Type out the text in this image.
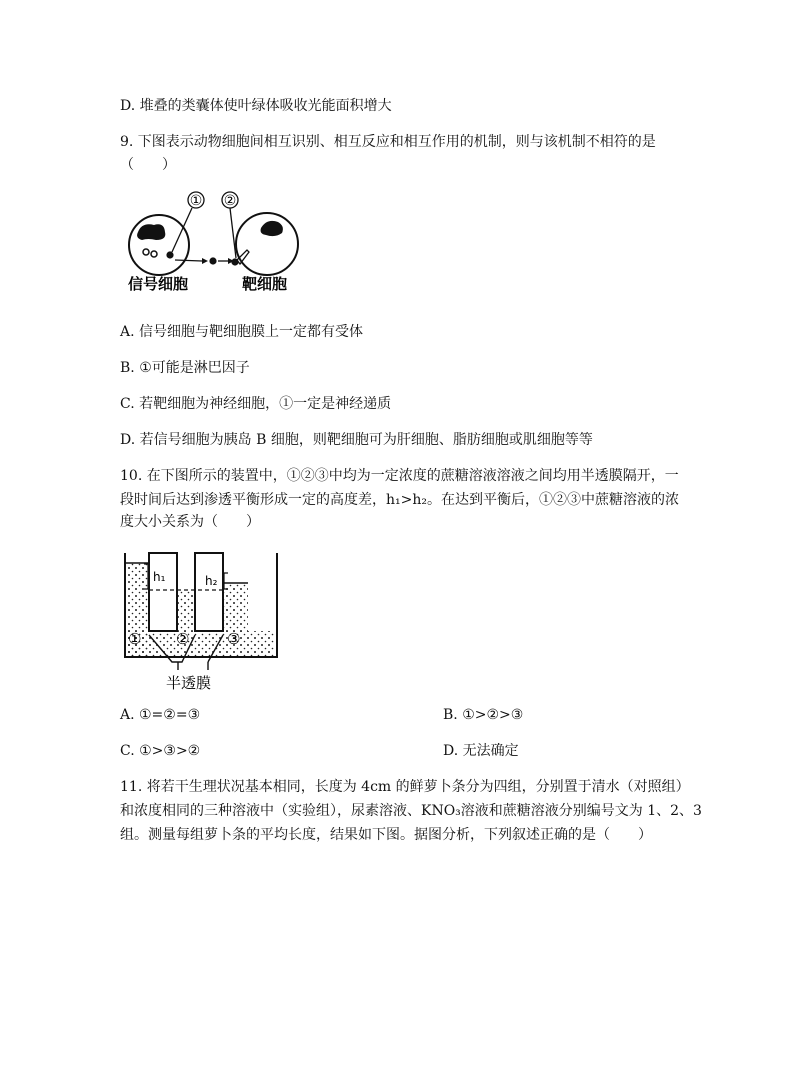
D. 堆叠的类囊体使叶绿体吸收光能面积增大
9. 下图表示动物细胞间相互识别、相互反应和相互作用的机制，则与该机制不相符的是
（　　）
① ②
信号细胞	靶细胞
A. 信号细胞与靶细胞膜上一定都有受体
B. ①可能是淋巴因子
C. 若靶细胞为神经细胞，①一定是神经递质
D. 若信号细胞为胰岛 B 细胞，则靶细胞可为肝细胞、脂肪细胞或肌细胞等等
10. 在下图所示的装置中，①②③中均为一定浓度的蔗糖溶液溶液之间均用半透膜隔开，一
段时间后达到渗透平衡形成一定的高度差，h₁>h₂。在达到平衡后，①②③中蔗糖溶液的浓
度大小关系为（　　）
h₁	h₂
① ②	③
半透膜
A. ①=②=③	B. ①>②>③
C. ①>③>②	D. 无法确定
11. 将若干生理状况基本相同，长度为 4cm 的鲜萝卜条分为四组，分别置于清水（对照组）
和浓度相同的三种溶液中（实验组），尿素溶液、KNO₃溶液和蔗糖溶液分别编号文为 1、2、3
组。测量每组萝卜条的平均长度，结果如下图。据图分析，下列叙述正确的是（　　）
